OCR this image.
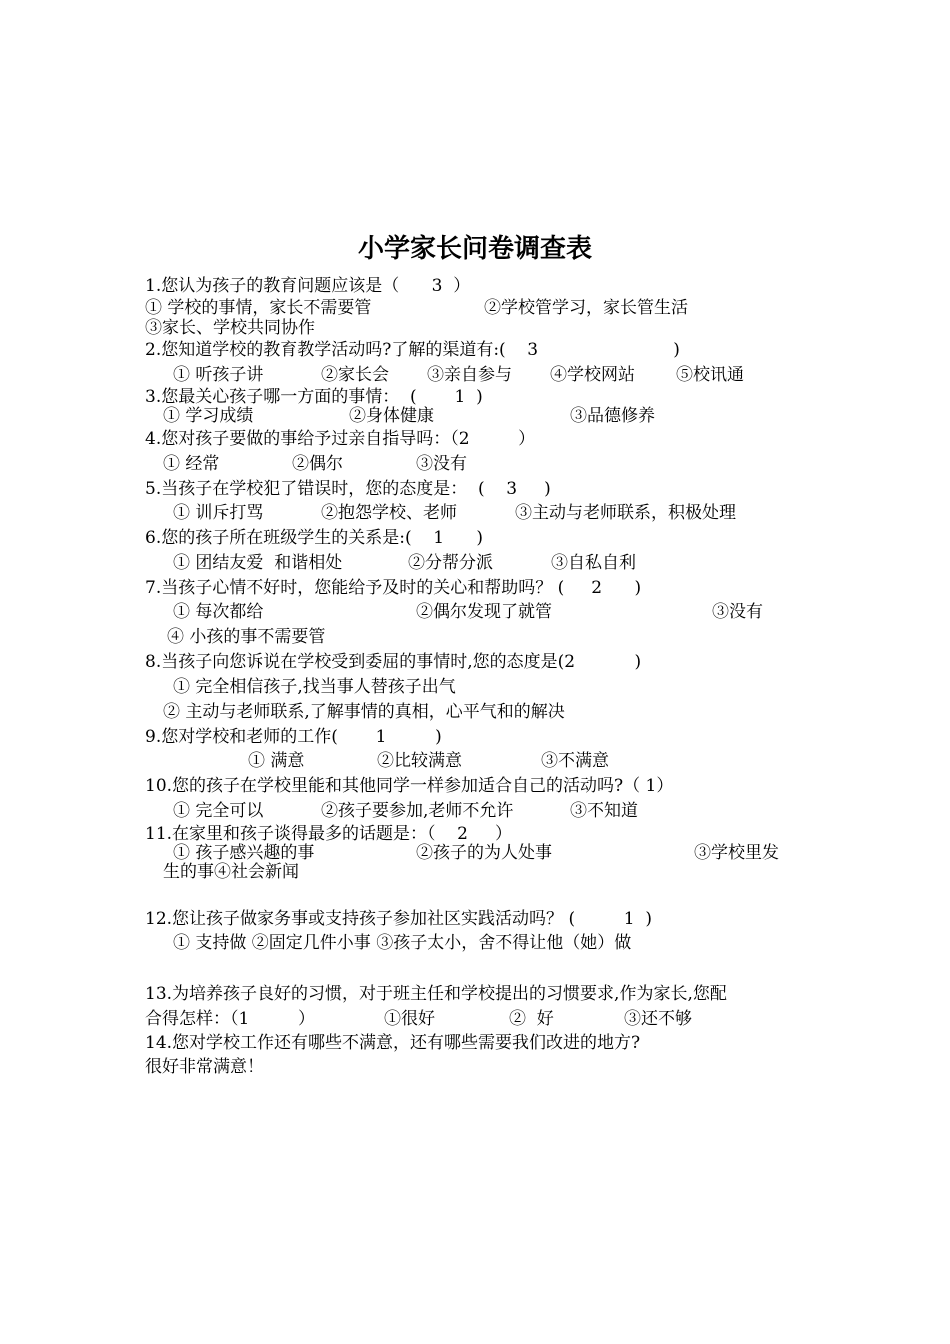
小学家长问卷调查表
1.您认为孩子的教育问题应该是（      3  ）
① 学校的事情，家长不需要管	②学校管学习，家长管生活
③家长、学校共同协作
2.您知道学校的教育教学活动吗?了解的渠道有:(    3                         )
① 听孩子讲	②家长会 ③亲自参与 ④学校网站 ⑤校讯通
3.您最关心孩子哪一方面的事情：  (       1  )
① 学习成绩	②身体健康	③品德修养
4.您对孩子要做的事给予过亲自指导吗：（2         ）
① 经常	②偶尔	③没有
5.当孩子在学校犯了错误时，您的态度是：  (    3     )
① 训斥打骂	②抱怨学校、老师	③主动与老师联系，积极处理
6.您的孩子所在班级学生的关系是:(    1      )
① 团结友爱  和谐相处	②分帮分派	③自私自利
7.当孩子心情不好时，您能给予及时的关心和帮助吗？ (     2      )
① 每次都给	②偶尔发现了就管	③没有
④ 小孩的事不需要管
8.当孩子向您诉说在学校受到委屈的事情时,您的态度是(2           )
① 完全相信孩子,找当事人替孩子出气
② 主动与老师联系,了解事情的真相，心平气和的解决
9.您对学校和老师的工作(       1         )
① 满意	②比较满意	③不满意
10.您的孩子在学校里能和其他同学一样参加适合自己的活动吗?（ 1）
① 完全可以	②孩子要参加,老师不允许	③不知道
11.在家里和孩子谈得最多的话题是：（    2     ）
① 孩子感兴趣的事	②孩子的为人处事	③学校里发
生的事④社会新闻
12.您让孩子做家务事或支持孩子参加社区实践活动吗？ (         1  )
① 支持做 ②固定几件小事 ③孩子太小，舍不得让他（她）做
13.为培养孩子良好的习惯，对于班主任和学校提出的习惯要求,作为家长,您配
合得怎样：（1         ）	①很好	②  好	③还不够
14.您对学校工作还有哪些不满意，还有哪些需要我们改进的地方?
很好非常满意！
